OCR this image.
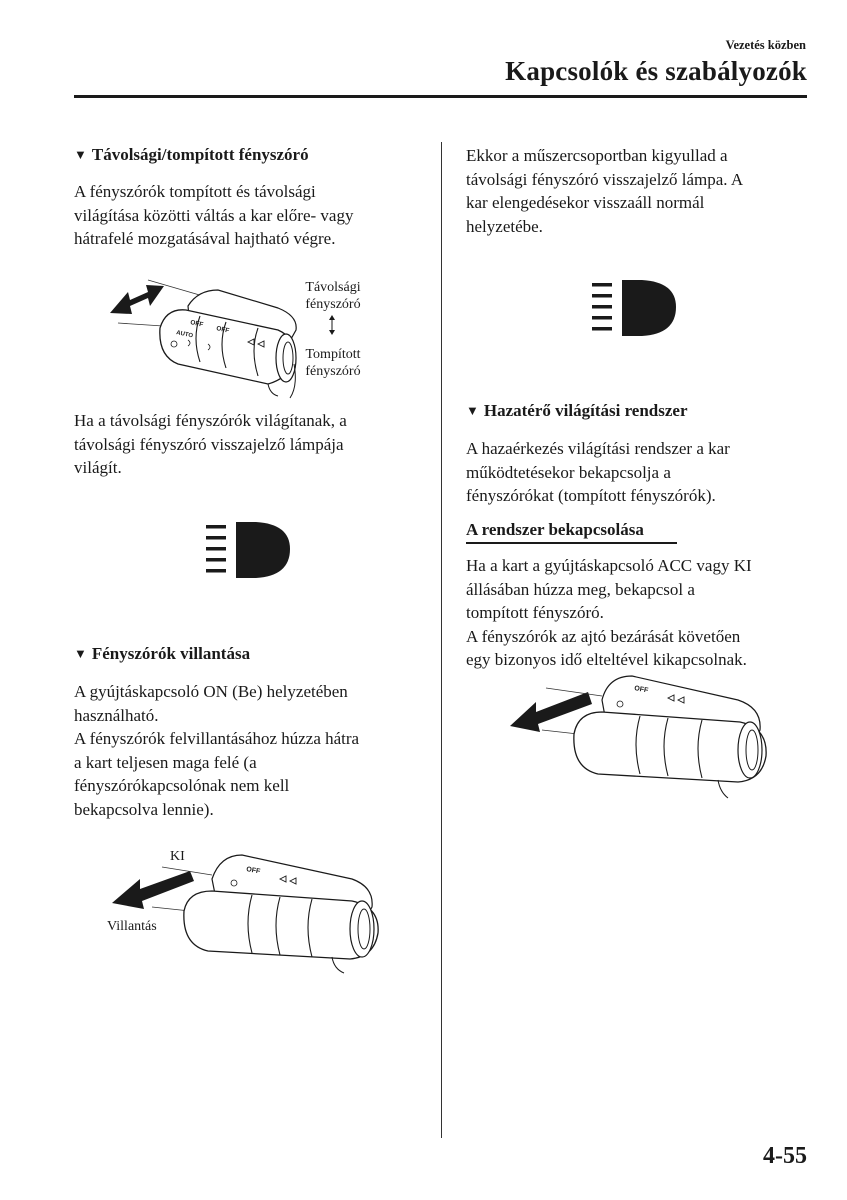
Vezetés közben
Kapcsolók és szabályozók
▼ Távolsági/tompított fényszóró
A fényszórók tompított és távolsági
világítása közötti váltás a kar előre- vagy
hátrafelé mozgatásával hajtható végre.
OFF
AUTO
OFF
Távolsági
fényszóró
Tompított
fényszóró
Ha a távolsági fényszórók világítanak, a
távolsági fényszóró visszajelző lámpája
világít.
▼ Fényszórók villantása
A gyújtáskapcsoló ON (Be) helyzetében
használható.
A fényszórók felvillantásához húzza hátra
a kart teljesen maga felé (a
fényszórókapcsolónak nem kell
bekapcsolva lennie).
OFF
KI
Villantás
Ekkor a műszercsoportban kigyullad a
távolsági fényszóró visszajelző lámpa. A
kar elengedésekor visszaáll normál
helyzetébe.
▼ Hazatérő világítási rendszer
A hazaérkezés világítási rendszer a kar
működtetésekor bekapcsolja a
fényszórókat (tompított fényszórók).
A rendszer bekapcsolása
Ha a kart a gyújtáskapcsoló ACC vagy KI
állásában húzza meg, bekapcsol a
tompított fényszóró.
A fényszórók az ajtó bezárását követően
egy bizonyos idő elteltével kikapcsolnak.
OFF
4-55
